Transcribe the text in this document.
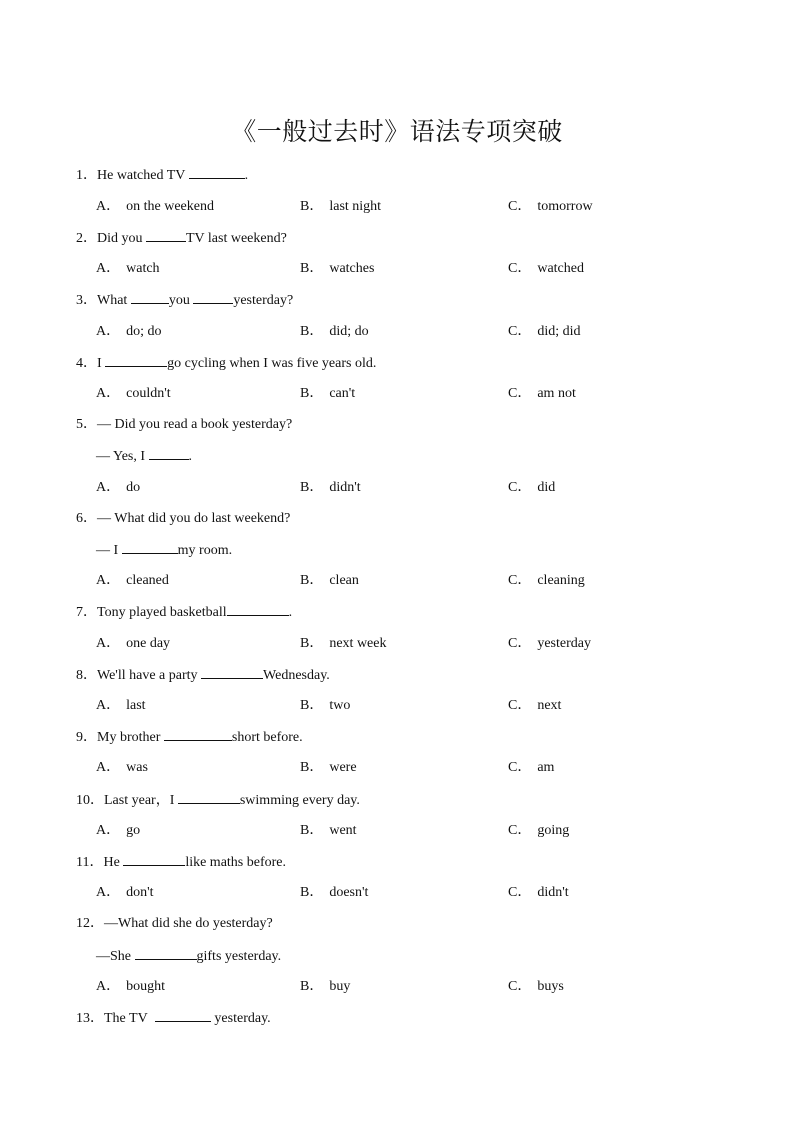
《一般过去时》语法专项突破
1．He watched TV	.
A． on the weekend	B． last night	C． tomorrow
2．Did you	TV last weekend?
A． watch	B． watches	C． watched
3．What	you	yesterday?
A． do; do	B． did; do	C． did; did
4．I	go cycling when I was five years old.
A． couldn't	B． can't	C． am not
5．— Did you read a book yesterday?
— Yes, I	.
A． do	B． didn't	C． did
6．— What did you do last weekend?
— I	my room.
A． cleaned	B． clean	C． cleaning
7．Tony played basketball	.
A． one day	B． next week	C． yesterday
8．We'll have a party	Wednesday.
A． last	B． two	C． next
9．My brother	short before.
A． was	B． were	C． am
10．Last year，I	swimming every day.
A． go	B． went	C． going
11．He	like maths before.
A． don't	B． doesn't	C． didn't
12．—What did she do yesterday?
—She	gifts yesterday.
A． bought	B． buy	C． buys
13．The TV	yesterday.
